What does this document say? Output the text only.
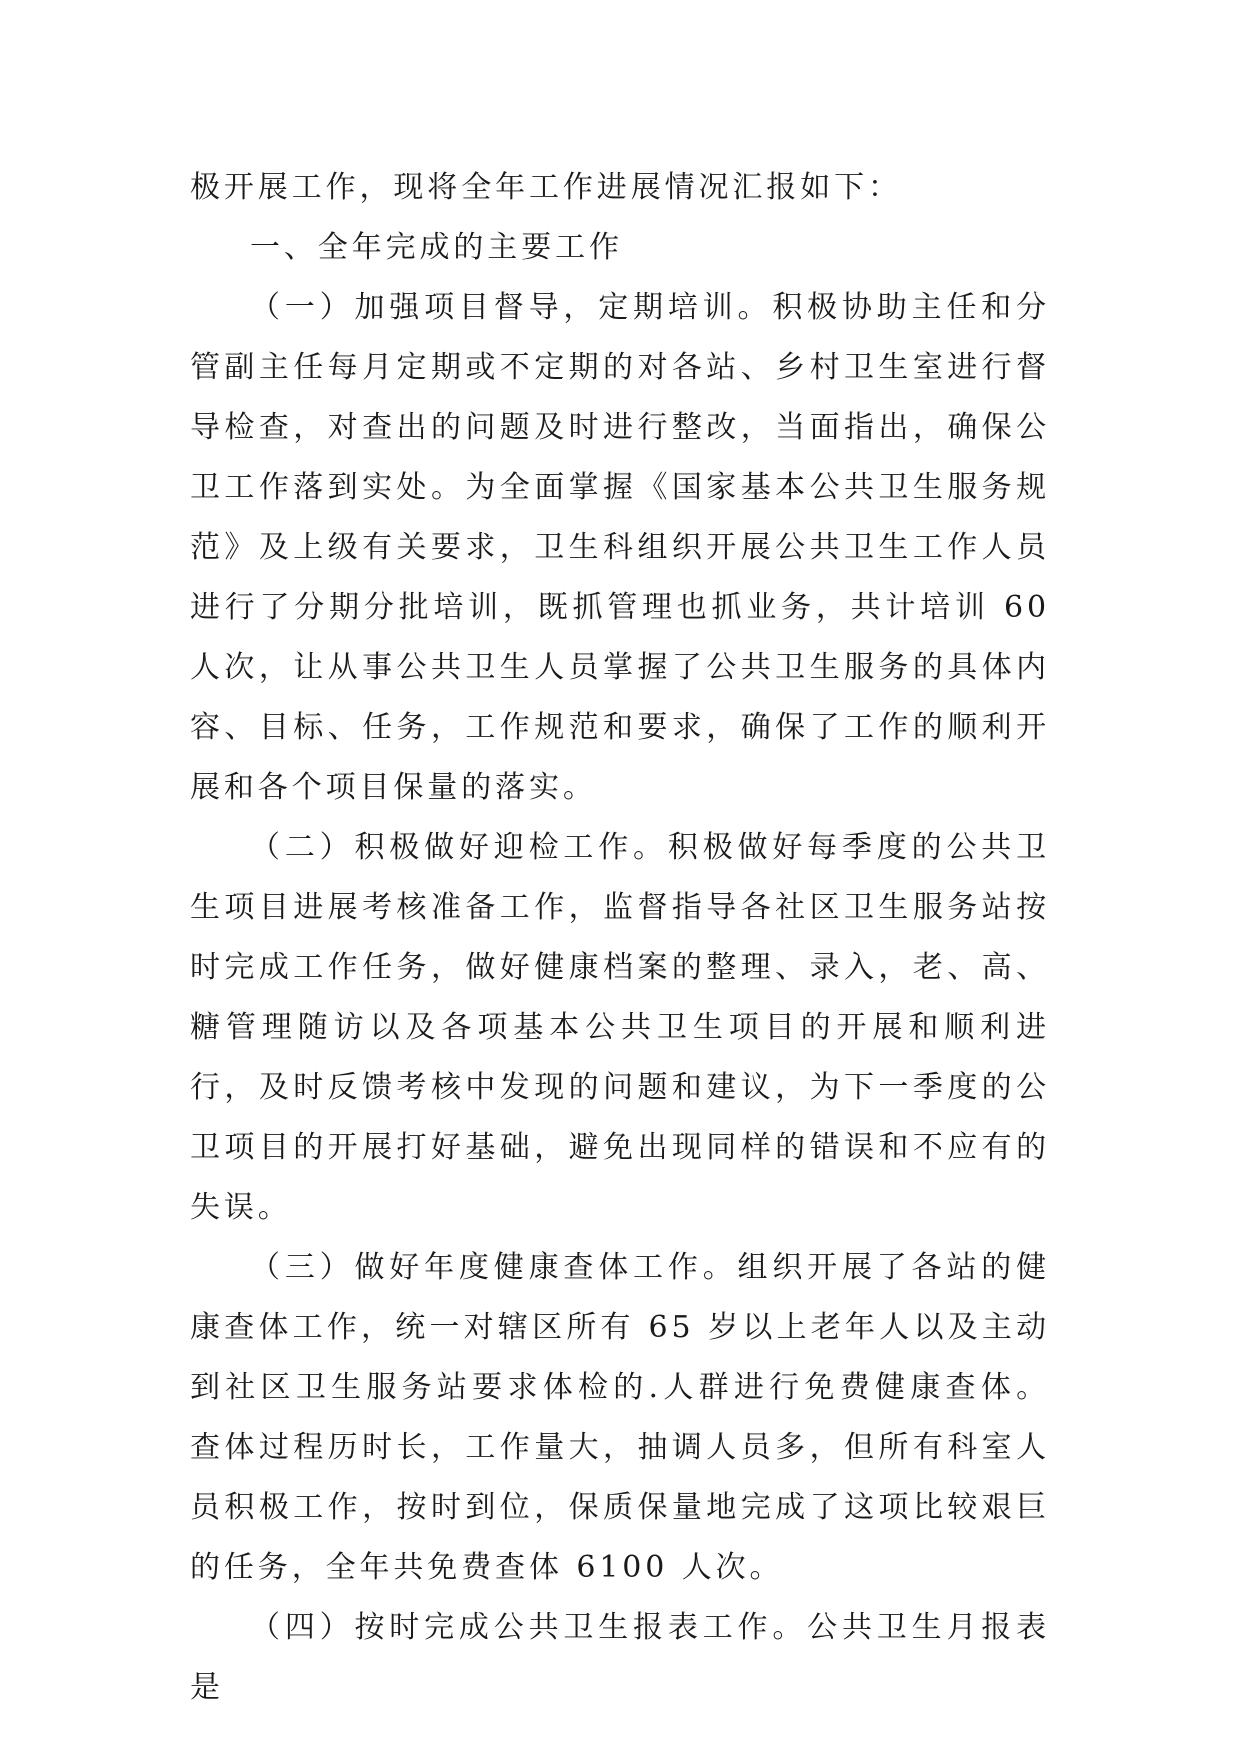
极开展工作，现将全年工作进展情况汇报如下：

一、全年完成的主要工作

（一）加强项目督导，定期培训。积极协助主任和分管副主任每月定期或不定期的对各站、乡村卫生室进行督导检查，对查出的问题及时进行整改，当面指出，确保公卫工作落到实处。为全面掌握《国家基本公共卫生服务规范》及上级有关要求，卫生科组织开展公共卫生工作人员进行了分期分批培训，既抓管理也抓业务，共计培训 60 人次，让从事公共卫生人员掌握了公共卫生服务的具体内容、目标、任务，工作规范和要求，确保了工作的顺利开展和各个项目保量的落实。

（二）积极做好迎检工作。积极做好每季度的公共卫生项目进展考核准备工作，监督指导各社区卫生服务站按时完成工作任务，做好健康档案的整理、录入，老、高、糖管理随访以及各项基本公共卫生项目的开展和顺利进行，及时反馈考核中发现的问题和建议，为下一季度的公卫项目的开展打好基础，避免出现同样的错误和不应有的失误。

（三）做好年度健康查体工作。组织开展了各站的健康查体工作，统一对辖区所有 65 岁以上老年人以及主动到社区卫生服务站要求体检的.人群进行免费健康查体。查体过程历时长，工作量大，抽调人员多，但所有科室人员积极工作，按时到位，保质保量地完成了这项比较艰巨的任务，全年共免费查体 6100 人次。

（四）按时完成公共卫生报表工作。公共卫生月报表是
